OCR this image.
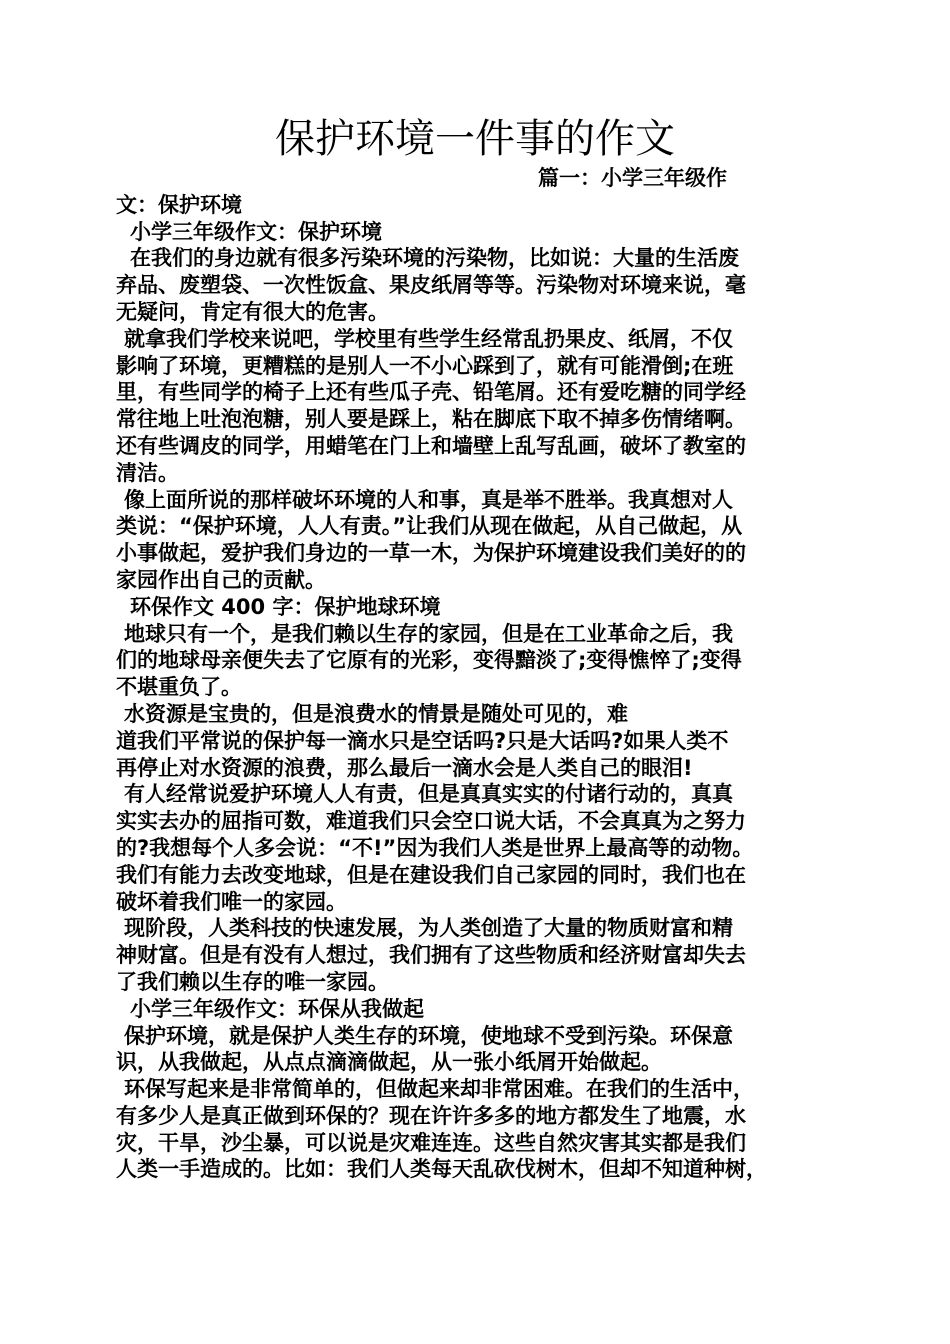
保护环境一件事的作文
篇一：小学三年级作
文：保护环境
小学三年级作文：保护环境
在我们的身边就有很多污染环境的污染物，比如说：大量的生活废
弃品、废塑袋、一次性饭盒、果皮纸屑等等。污染物对环境来说，毫
无疑问，肯定有很大的危害。
就拿我们学校来说吧，学校里有些学生经常乱扔果皮、纸屑，不仅
影响了环境，更糟糕的是别人一不小心踩到了，就有可能滑倒;在班
里，有些同学的椅子上还有些瓜子壳、铅笔屑。还有爱吃糖的同学经
常往地上吐泡泡糖，别人要是踩上，粘在脚底下取不掉多伤情绪啊。
还有些调皮的同学，用蜡笔在门上和墙壁上乱写乱画，破坏了教室的
清洁。
像上面所说的那样破坏环境的人和事，真是举不胜举。我真想对人
类说：“保护环境，人人有责。”让我们从现在做起，从自己做起，从
小事做起，爱护我们身边的一草一木，为保护环境建设我们美好的的
家园作出自己的贡献。
环保作文 400 字：保护地球环境
地球只有一个，是我们赖以生存的家园，但是在工业革命之后，我
们的地球母亲便失去了它原有的光彩，变得黯淡了;变得憔悴了;变得
不堪重负了。
水资源是宝贵的，但是浪费水的情景是随处可见的，难
道我们平常说的保护每一滴水只是空话吗?只是大话吗?如果人类不
再停止对水资源的浪费，那么最后一滴水会是人类自己的眼泪!
有人经常说爱护环境人人有责，但是真真实实的付诸行动的，真真
实实去办的屈指可数，难道我们只会空口说大话，不会真真为之努力
的?我想每个人多会说：“不!”因为我们人类是世界上最高等的动物。
我们有能力去改变地球，但是在建设我们自己家园的同时，我们也在
破坏着我们唯一的家园。
现阶段，人类科技的快速发展，为人类创造了大量的物质财富和精
神财富。但是有没有人想过，我们拥有了这些物质和经济财富却失去
了我们赖以生存的唯一家园。
小学三年级作文：环保从我做起
保护环境，就是保护人类生存的环境，使地球不受到污染。环保意
识，从我做起，从点点滴滴做起，从一张小纸屑开始做起。
环保写起来是非常简单的，但做起来却非常困难。在我们的生活中，
有多少人是真正做到环保的？现在许许多多的地方都发生了地震，水
灾，干旱，沙尘暴，可以说是灾难连连。这些自然灾害其实都是我们
人类一手造成的。比如：我们人类每天乱砍伐树木，但却不知道种树，
